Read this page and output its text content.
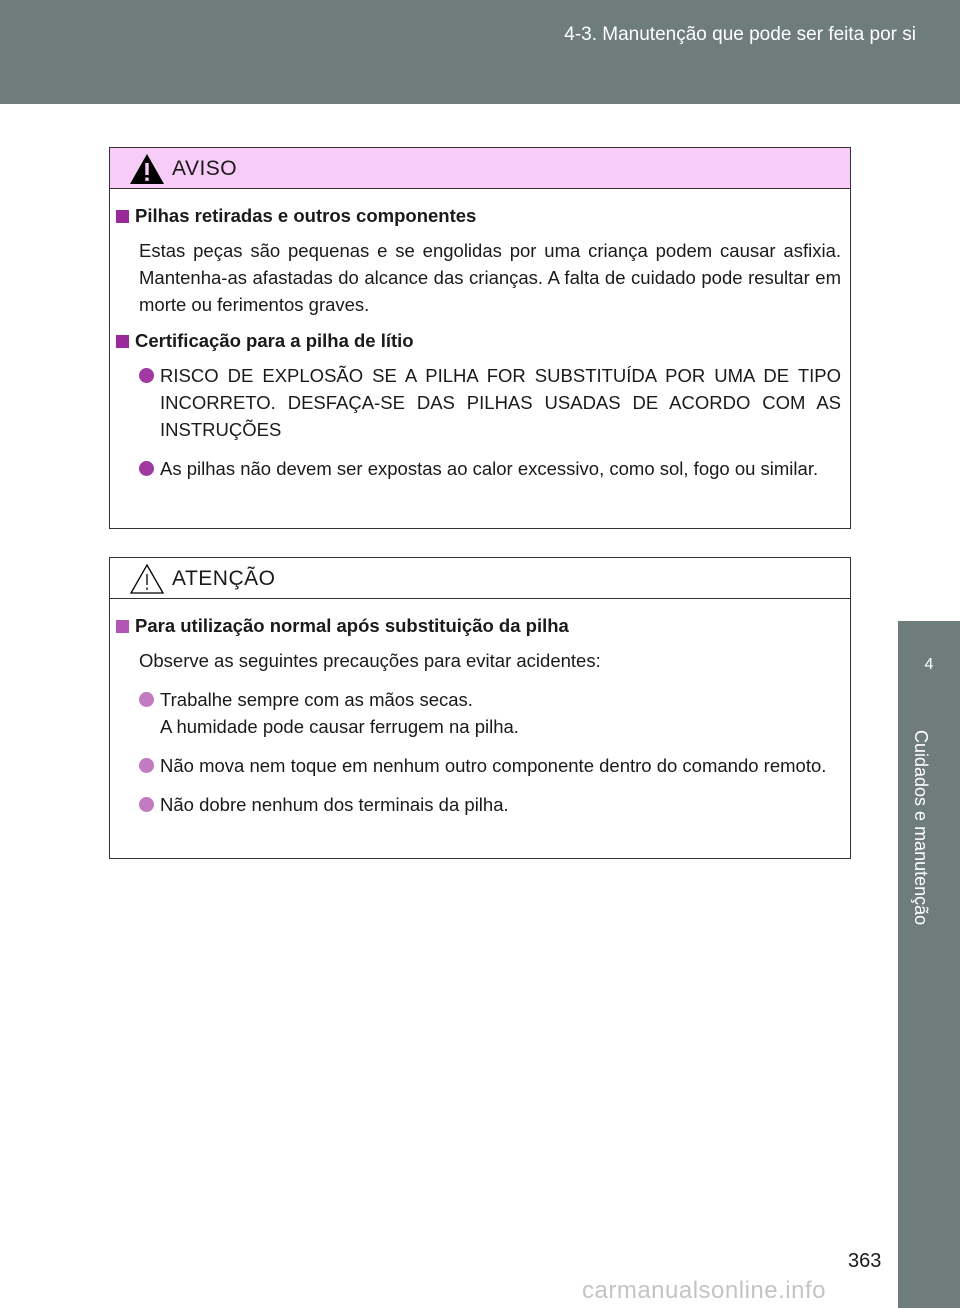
4-3. Manutenção que pode ser feita por si
4
Cuidados e manutenção
AVISO
Pilhas retiradas e outros componentes
Estas peças são pequenas e se engolidas por uma criança podem causar asfixia. Mantenha-as afastadas do alcance das crianças. A falta de cuidado pode resultar em morte ou ferimentos graves.
Certificação para a pilha de lítio
RISCO DE EXPLOSÃO SE A PILHA FOR SUBSTITUÍDA POR UMA DE TIPO INCORRETO. DESFAÇA-SE DAS PILHAS USADAS DE ACORDO COM AS INSTRUÇÕES
As pilhas não devem ser expostas ao calor excessivo, como sol, fogo ou similar.
ATENÇÃO
Para utilização normal após substituição da pilha
Observe as seguintes precauções para evitar acidentes:
Trabalhe sempre com as mãos secas.
A humidade pode causar ferrugem na pilha.
Não mova nem toque em nenhum outro componente dentro do comando remoto.
Não dobre nenhum dos terminais da pilha.
363
carmanualsonline.info
